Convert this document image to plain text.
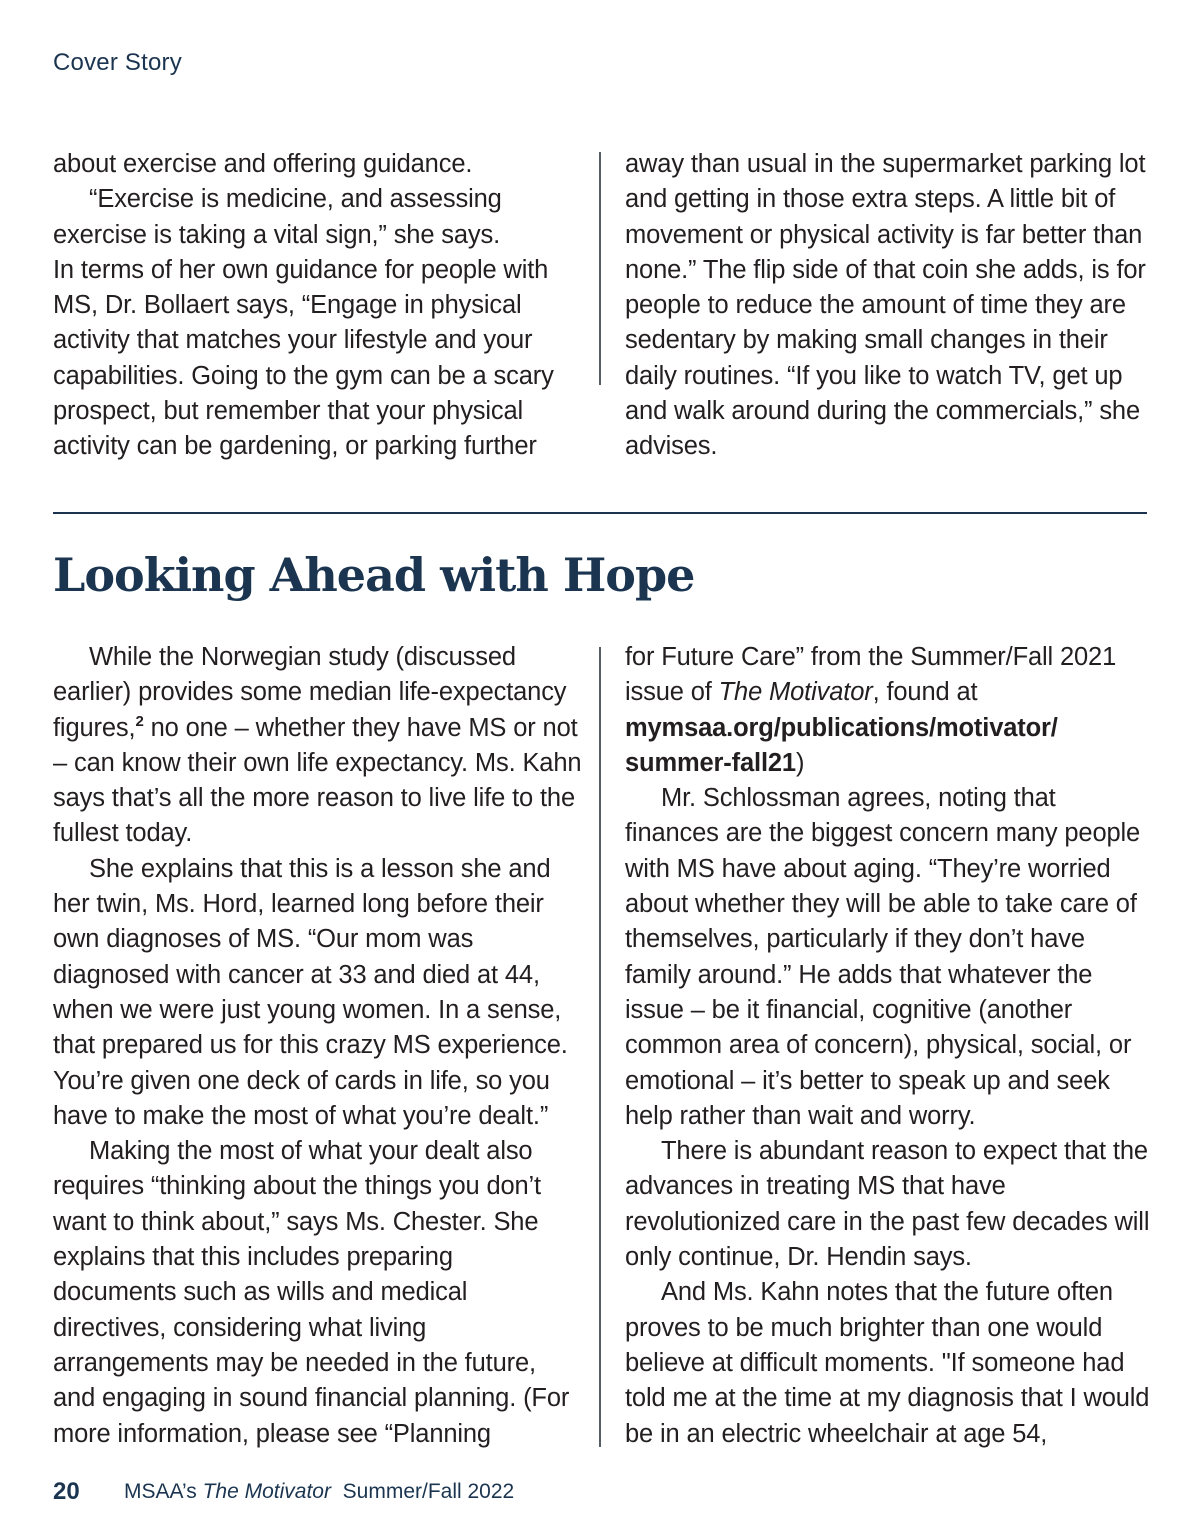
Cover Story

about exercise and offering guidance.

“Exercise is medicine, and assessing exercise is taking a vital sign,” she says.

In terms of her own guidance for people with MS, Dr. Bollaert says, “Engage in physical activity that matches your lifestyle and your capabilities. Going to the gym can be a scary prospect, but remember that your physical activity can be gardening, or parking further

away than usual in the supermarket parking lot and getting in those extra steps. A little bit of movement or physical activity is far better than none.” The flip side of that coin she adds, is for people to reduce the amount of time they are sedentary by making small changes in their daily routines. “If you like to watch TV, get up and walk around during the commercials,” she advises.

Looking Ahead with Hope

While the Norwegian study (discussed earlier) provides some median life-expectancy figures,$^2$ no one – whether they have MS or not – can know their own life expectancy. Ms. Kahn says that’s all the more reason to live life to the fullest today.

She explains that this is a lesson she and her twin, Ms. Hord, learned long before their own diagnoses of MS. “Our mom was diagnosed with cancer at 33 and died at 44, when we were just young women. In a sense, that prepared us for this crazy MS experience. You’re given one deck of cards in life, so you have to make the most of what you’re dealt.”

Making the most of what your dealt also requires “thinking about the things you don’t want to think about,” says Ms. Chester. She explains that this includes preparing documents such as wills and medical directives, considering what living arrangements may be needed in the future, and engaging in sound financial planning. (For more information, please see “Planning

for Future Care” from the Summer/Fall 2021 issue of The Motivator, found at
mymsaa.org/publications/motivator/
summer-fall21)

Mr. Schlossman agrees, noting that finances are the biggest concern many people with MS have about aging. “They’re worried about whether they will be able to take care of themselves, particularly if they don’t have family around.” He adds that whatever the issue – be it financial, cognitive (another common area of concern), physical, social, or emotional – it’s better to speak up and seek help rather than wait and worry.

There is abundant reason to expect that the advances in treating MS that have revolutionized care in the past few decades will only continue, Dr. Hendin says.

And Ms. Kahn notes that the future often proves to be much brighter than one would believe at difficult moments. "If someone had told me at the time at my diagnosis that I would be in an electric wheelchair at age 54,

20 MSAA’s The Motivator Summer/Fall 2022
